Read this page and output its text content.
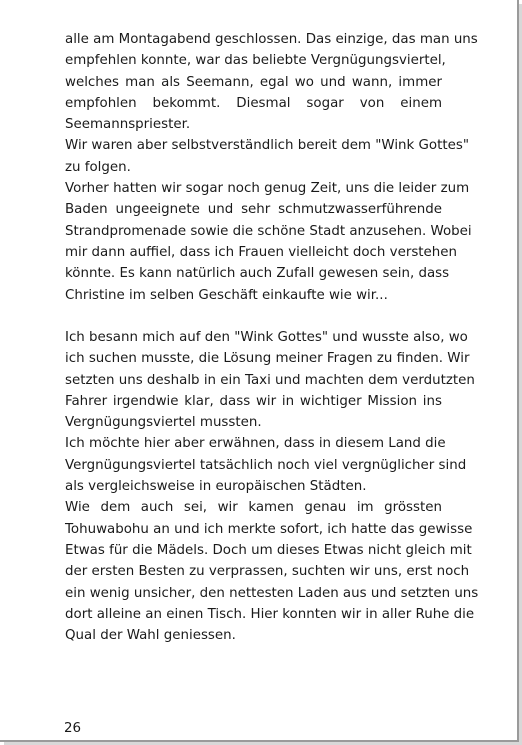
alle am Montagabend geschlossen. Das einzige, das man uns
empfehlen konnte, war das beliebte Vergnügungsviertel,
welches man als Seemann, egal wo und wann, immer
empfohlen bekommt. Diesmal sogar von einem
Seemannspriester.

Wir waren aber selbstverständlich bereit dem "Wink Gottes"
zu folgen.

Vorher hatten wir sogar noch genug Zeit, uns die leider zum
Baden ungeeignete und sehr schmutzwasserführende
Strandpromenade sowie die schöne Stadt anzusehen. Wobei
mir dann auffiel, dass ich Frauen vielleicht doch verstehen
könnte. Es kann natürlich auch Zufall gewesen sein, dass
Christine im selben Geschäft einkaufte wie wir...

Ich besann mich auf den "Wink Gottes" und wusste also, wo
ich suchen musste, die Lösung meiner Fragen zu finden. Wir
setzten uns deshalb in ein Taxi und machten dem verdutzten
Fahrer irgendwie klar, dass wir in wichtiger Mission ins
Vergnügungsviertel mussten.

Ich möchte hier aber erwähnen, dass in diesem Land die
Vergnügungsviertel tatsächlich noch viel vergnüglicher sind
als vergleichsweise in europäischen Städten.

Wie dem auch sei, wir kamen genau im grössten
Tohuwabohu an und ich merkte sofort, ich hatte das gewisse
Etwas für die Mädels. Doch um dieses Etwas nicht gleich mit
der ersten Besten zu verprassen, suchten wir uns, erst noch
ein wenig unsicher, den nettesten Laden aus und setzten uns
dort alleine an einen Tisch. Hier konnten wir in aller Ruhe die
Qual der Wahl geniessen.

26
